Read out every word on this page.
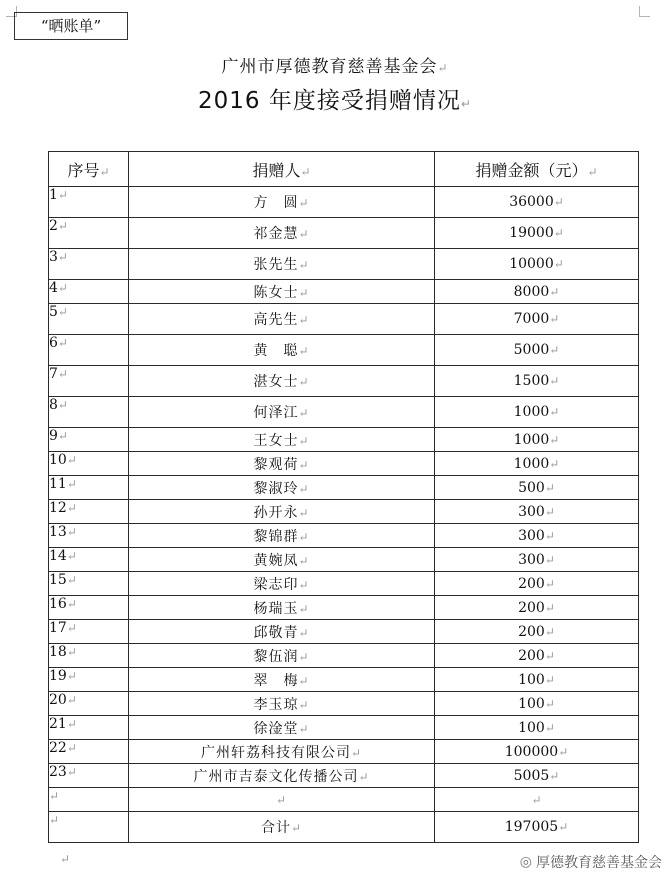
“晒账单”
广州市厚德教育慈善基金会↵
2016 年度接受捐赠情况↵
序号↵	捐赠人↵	捐赠金额（元）↵
1↵	方　圆↵	36000↵
2↵	祁金慧↵	19000↵
3↵	张先生↵	10000↵
4↵	陈女士↵	8000↵
5↵	高先生↵	7000↵
6↵	黄　聪↵	5000↵
7↵	湛女士↵	1500↵
8↵	何泽江↵	1000↵
9↵	王女士↵	1000↵
10↵	黎观荷↵	1000↵
11↵	黎淑玲↵	500↵
12↵	孙开永↵	300↵
13↵	黎锦群↵	300↵
14↵	黄婉凤↵	300↵
15↵	梁志印↵	200↵
16↵	杨瑞玉↵	200↵
17↵	邱敬青↵	200↵
18↵	黎伍润↵	200↵
19↵	翠　梅↵	100↵
20↵	李玉琼↵	100↵
21↵	徐淦堂↵	100↵
22↵	广州轩荔科技有限公司↵	100000↵
23↵	广州市吉泰文化传播公司↵	5005↵
↵	↵	↵
↵	合计↵	197005↵
↵	◎ 厚德教育慈善基金会
